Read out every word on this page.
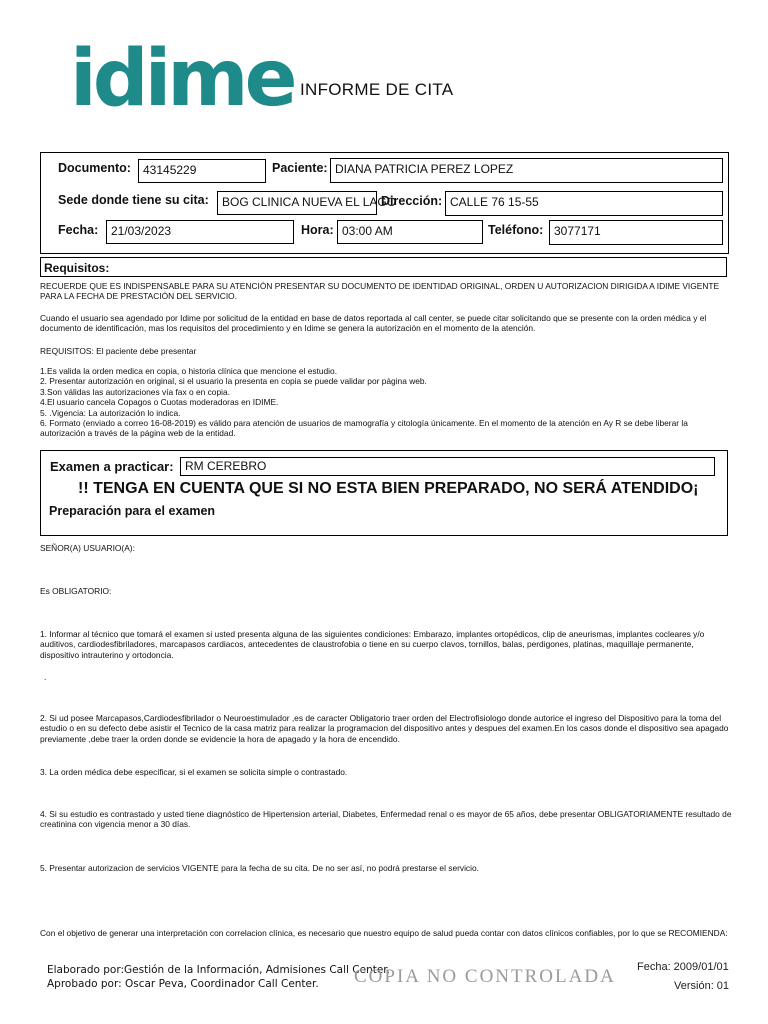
idime INFORME DE CITA
Documento:	43145229	Paciente: DIANA PATRICIA PEREZ LOPEZ
Sede donde tiene su cita:	BOG CLINICA NUEVA EL LAGO
Dirección: CALLE 76 15-55
Fecha:	21/03/2023	Hora: 03:00 AM	Teléfono: 3077171
Requisitos:
RECUERDE QUE ES INDISPENSABLE PARA SU ATENCIÓN PRESENTAR SU DOCUMENTO DE IDENTIDAD ORIGINAL, ORDEN U AUTORIZACION DIRIGIDA A IDIME VIGENTE PARA LA FECHA DE PRESTACIÓN DEL SERVICIO.
Cuando el usuario sea agendado por Idime por solicitud de la entidad en base de datos reportada al call center, se puede citar solicitando que se presente con la orden médica y el documento de identificación, mas los requisitos del procedimiento y en Idime se genera la autorización en el momento de la atención.
REQUISITOS: El paciente debe presentar
1.Es valida la orden medica en copia, o historia clínica que mencione el estudio.
2. Presentar autorización en original, si el usuario la presenta en copia se puede validar por página web.
3.Son válidas las autorizaciones vía fax o en copia.
4.El usuario cancela Copagos o Cuotas moderadoras en IDIME.
5. .Vigencia: La autorización lo indica.
6. Formato (enviado a correo 16-08-2019) es válido para atención de usuarios de mamografía y citología únicamente. En el momento de la atención en Ay R se debe liberar la autorización a través de la página web de la entidad.
Examen a practicar: RM CEREBRO
!! TENGA EN CUENTA QUE SI NO ESTA BIEN PREPARADO, NO SERÁ ATENDIDO¡
Preparación para el examen
SEÑOR(A) USUARIO(A):
Es OBLIGATORIO:
1. Informar al técnico que tomará el examen si usted presenta alguna de las siguientes condiciones: Embarazo, implantes ortopédicos, clip de aneurismas, implantes cocleares y/o auditivos, cardiodesfibriladores, marcapasos cardiacos, antecedentes de claustrofobia o tiene en su cuerpo clavos, tornillos, balas, perdigones, platinas, maquillaje permanente, dispositivo intrauterino y ortodoncia.
.
2. Si ud posee Marcapasos,Cardiodesfibrilador o Neuroestimulador ,es de caracter Obligatorio traer orden del Electrofisiologo donde autorice el ingreso del Dispositivo para la toma del estudio o en su defecto debe asistir el Tecnico de la casa matriz para realizar la programacion del dispositivo antes y despues del examen.En los casos donde el dispositivo sea apagado previamente ,debe traer la orden donde se evidencie la hora de apagado y la hora de encendido.
3. La orden médica debe especificar, si el examen se solicita simple o contrastado.
4. Si su estudio es contrastado y usted tiene diagnóstico de Hipertension arterial, Diabetes, Enfermedad renal o es mayor de 65 años, debe presentar OBLIGATORIAMENTE resultado de creatinina con vigencia menor a 30 días.
5. Presentar autorizacion de servicios VIGENTE para la fecha de su cita. De no ser así, no podrá prestarse el servicio.
Con el objetivo de generar una interpretación con correlacion clínica, es necesario que nuestro equipo de salud pueda contar con datos clínicos confiables, por lo que se RECOMIENDA:
Elaborado por:Gestión de la Información, Admisiones Call Center.
Aprobado por: Oscar Peva, Coordinador Call Center. COPIA NO CONTROLADA Fecha: 2009/01/01
Versión: 01
